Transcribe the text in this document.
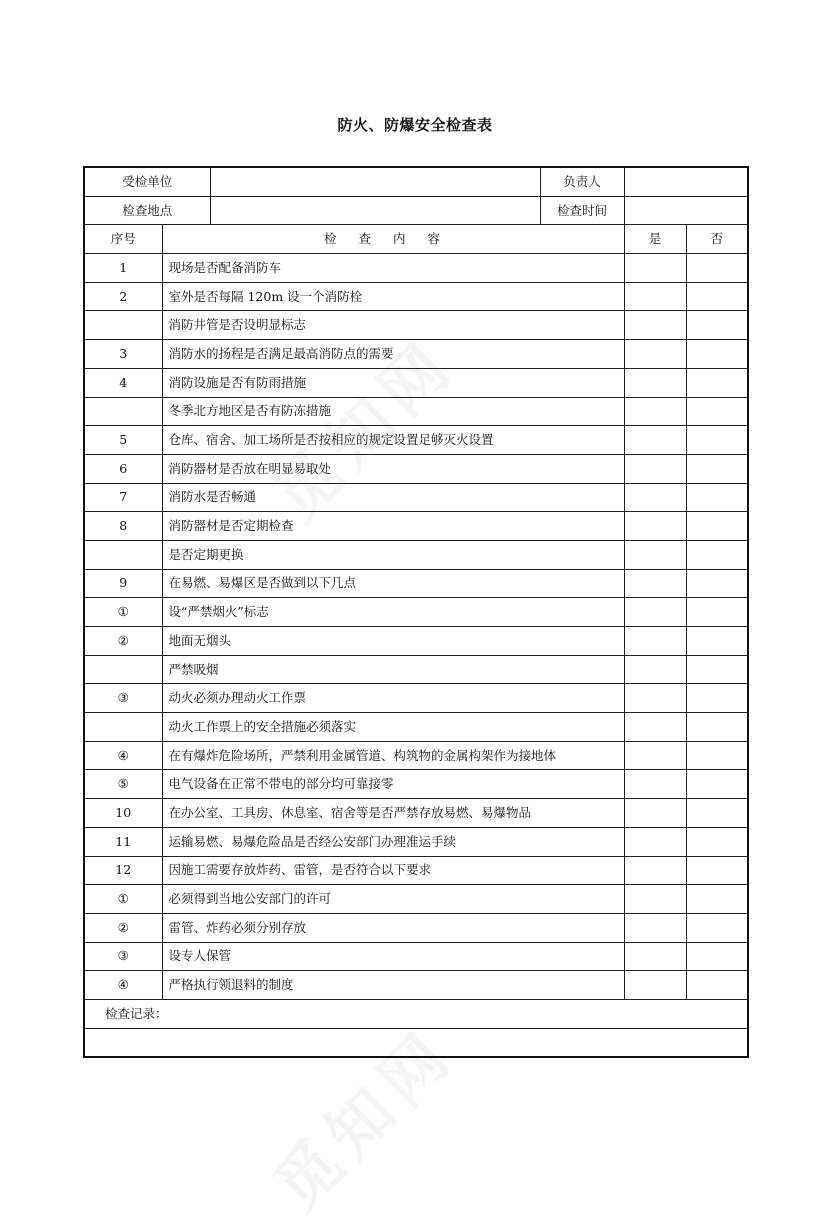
防火、防爆安全检查表
受检单位			负责人		
检查地点			检查时间		
序号	检查内容			是	否
1	现场是否配备消防车				
2	室外是否每隔 120m 设一个消防栓				
	消防井管是否设明显标志				
3	消防水的扬程是否满足最高消防点的需要				
4	消防设施是否有防雨措施				
	冬季北方地区是否有防冻措施				
5	仓库、宿舍、加工场所是否按相应的规定设置足够灭火设置				
6	消防器材是否放在明显易取处				
7	消防水是否畅通				
8	消防器材是否定期检查				
	是否定期更换				
9	在易燃、易爆区是否做到以下几点				
①	设“严禁烟火”标志				
②	地面无烟头				
	严禁吸烟				
③	动火必须办理动火工作票				
	动火工作票上的安全措施必须落实				
④	在有爆炸危险场所，严禁利用金属管道、构筑物的金属构架作为接地体				
⑤	电气设备在正常不带电的部分均可靠接零				
10	在办公室、工具房、休息室、宿舍等是否严禁存放易燃、易爆物品				
11	运输易燃、易爆危险品是否经公安部门办理准运手续				
12	因施工需要存放炸药、雷管，是否符合以下要求				
①	必须得到当地公安部门的许可				
②	雷管、炸药必须分别存放				
③	设专人保管				
④	严格执行领退料的制度				
检查记录：					
